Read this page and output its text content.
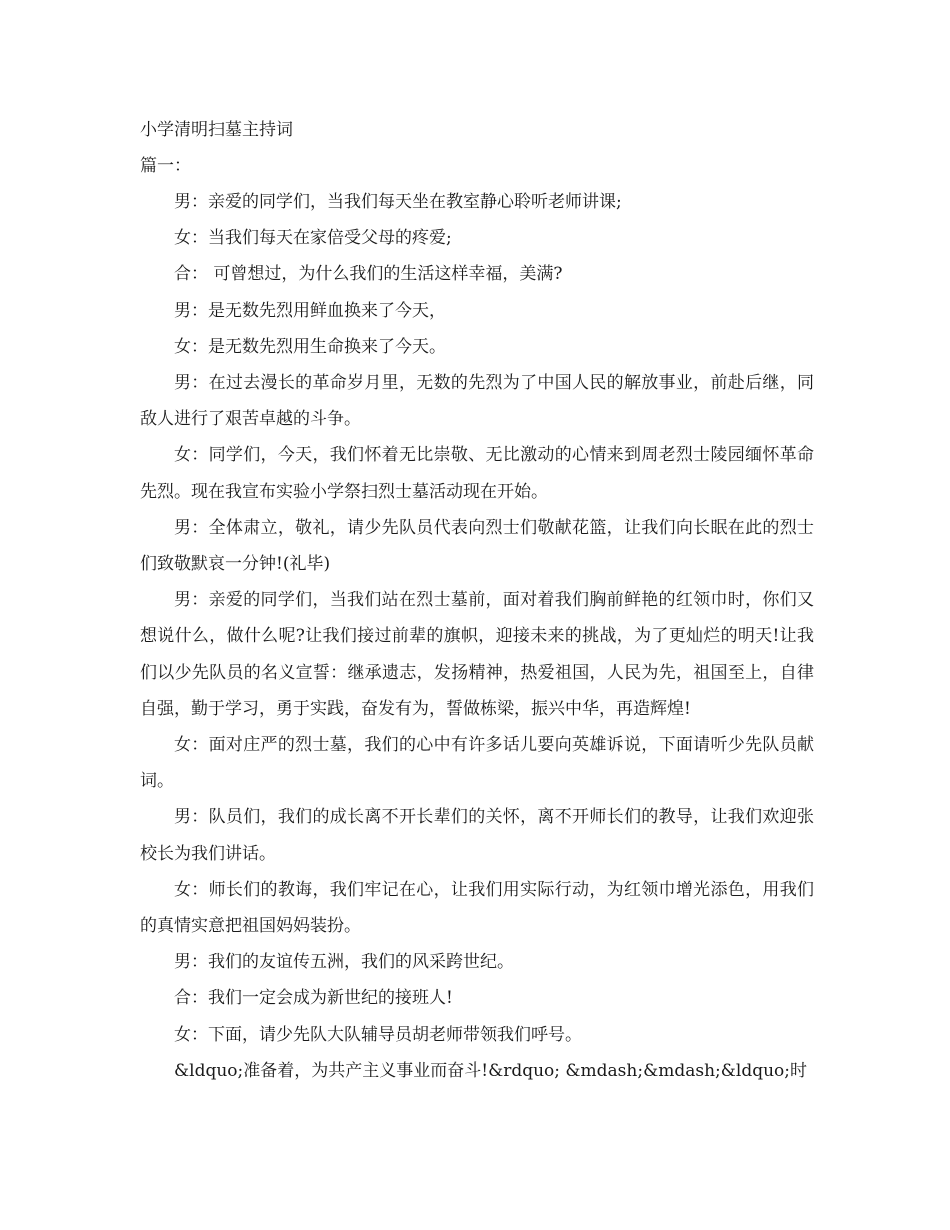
小学清明扫墓主持词
篇一：

男：亲爱的同学们，当我们每天坐在教室静心聆听老师讲课;

女：当我们每天在家倍受父母的疼爱;

合： 可曾想过，为什么我们的生活这样幸福，美满?

男：是无数先烈用鲜血换来了今天，

女：是无数先烈用生命换来了今天。

男：在过去漫长的革命岁月里，无数的先烈为了中国人民的解放事业，前赴后继，同敌人进行了艰苦卓越的斗争。

女：同学们，今天，我们怀着无比崇敬、无比激动的心情来到周老烈士陵园缅怀革命先烈。现在我宣布实验小学祭扫烈士墓活动现在开始。

男：全体肃立，敬礼，请少先队员代表向烈士们敬献花篮，让我们向长眠在此的烈士们致敬默哀一分钟!(礼毕)

男：亲爱的同学们，当我们站在烈士墓前，面对着我们胸前鲜艳的红领巾时，你们又想说什么，做什么呢?让我们接过前辈的旗帜，迎接未来的挑战，为了更灿烂的明天!让我们以少先队员的名义宣誓：继承遗志，发扬精神，热爱祖国，人民为先，祖国至上，自律自强，勤于学习，勇于实践，奋发有为，誓做栋梁，振兴中华，再造辉煌!

女：面对庄严的烈士墓，我们的心中有许多话儿要向英雄诉说，下面请听少先队员献词。

男：队员们，我们的成长离不开长辈们的关怀，离不开师长们的教导，让我们欢迎张校长为我们讲话。

女：师长们的教诲，我们牢记在心，让我们用实际行动，为红领巾增光添色，用我们的真情实意把祖国妈妈装扮。

男：我们的友谊传五洲，我们的风采跨世纪。

合：我们一定会成为新世纪的接班人!

女：下面，请少先队大队辅导员胡老师带领我们呼号。

&ldquo;准备着，为共产主义事业而奋斗!&rdquo; &mdash;&mdash;&ldquo;时
